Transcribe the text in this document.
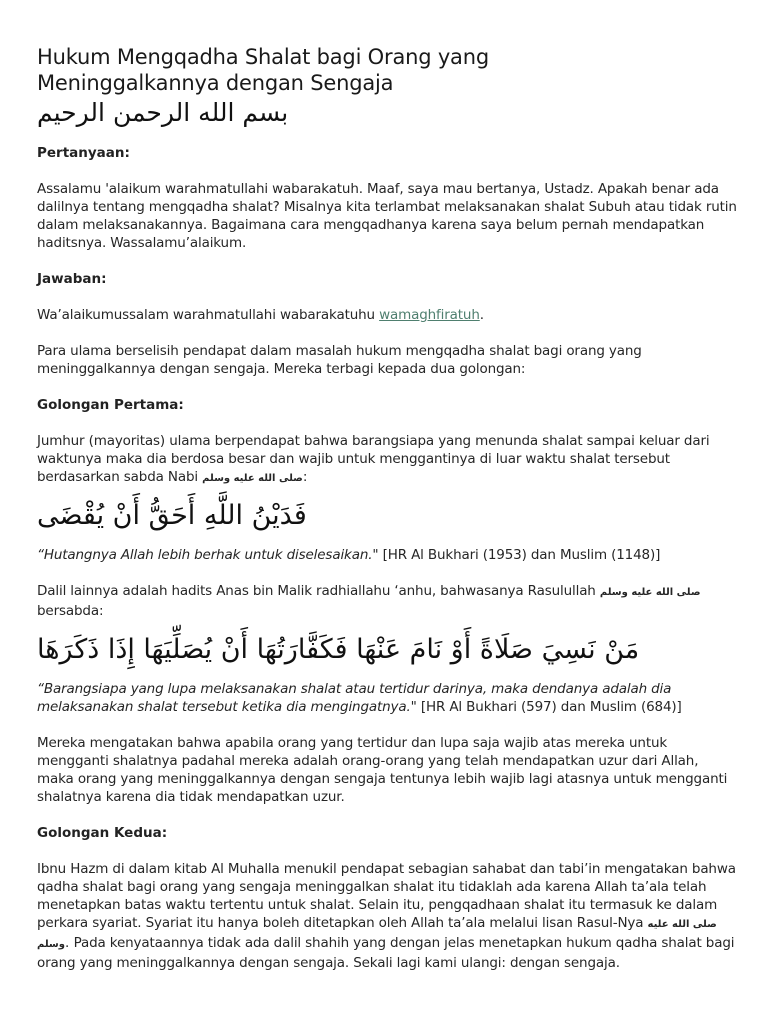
Hukum Mengqadha Shalat bagi Orang yang
Meninggalkannya dengan Sengaja
بسم الله الرحمن الرحيم
Pertanyaan:

Assalamu 'alaikum warahmatullahi wabarakatuh. Maaf, saya mau bertanya, Ustadz. Apakah benar ada dalilnya tentang mengqadha shalat? Misalnya kita terlambat melaksanakan shalat Subuh atau tidak rutin dalam melaksanakannya. Bagaimana cara mengqadhanya karena saya belum pernah mendapatkan haditsnya. Wassalamu’alaikum.

Jawaban:

Wa’alaikumussalam warahmatullahi wabarakatuhu wamaghfiratuh.

Para ulama berselisih pendapat dalam masalah hukum mengqadha shalat bagi orang yang meninggalkannya dengan sengaja. Mereka terbagi kepada dua golongan:

Golongan Pertama:

Jumhur (mayoritas) ulama berpendapat bahwa barangsiapa yang menunda shalat sampai keluar dari waktunya maka dia berdosa besar dan wajib untuk menggantinya di luar waktu shalat tersebut berdasarkan sabda Nabi صلى الله عليه وسلم:

فَدَيْنُ اللَّهِ أَحَقُّ أَنْ يُقْضَى

“Hutangnya Allah lebih berhak untuk diselesaikan." [HR Al Bukhari (1953) dan Muslim (1148)]

Dalil lainnya adalah hadits Anas bin Malik radhiallahu ‘anhu, bahwasanya Rasulullah صلى الله عليه وسلم bersabda:

مَنْ نَسِيَ صَلَاةً أَوْ نَامَ عَنْهَا فَكَفَّارَتُهَا أَنْ يُصَلِّيَهَا إِذَا ذَكَرَهَا

“Barangsiapa yang lupa melaksanakan shalat atau tertidur darinya, maka dendanya adalah dia melaksanakan shalat tersebut ketika dia mengingatnya." [HR Al Bukhari (597) dan Muslim (684)]

Mereka mengatakan bahwa apabila orang yang tertidur dan lupa saja wajib atas mereka untuk mengganti shalatnya padahal mereka adalah orang-orang yang telah mendapatkan uzur dari Allah, maka orang yang meninggalkannya dengan sengaja tentunya lebih wajib lagi atasnya untuk mengganti shalatnya karena dia tidak mendapatkan uzur.

Golongan Kedua:

Ibnu Hazm di dalam kitab Al Muhalla menukil pendapat sebagian sahabat dan tabi’in mengatakan bahwa qadha shalat bagi orang yang sengaja meninggalkan shalat itu tidaklah ada karena Allah ta’ala telah menetapkan batas waktu tertentu untuk shalat. Selain itu, pengqadhaan shalat itu termasuk ke dalam perkara syariat. Syariat itu hanya boleh ditetapkan oleh Allah ta’ala melalui lisan Rasul-Nya صلى الله عليه وسلم. Pada kenyataannya tidak ada dalil shahih yang dengan jelas menetapkan hukum qadha shalat bagi orang yang meninggalkannya dengan sengaja. Sekali lagi kami ulangi: dengan sengaja.
